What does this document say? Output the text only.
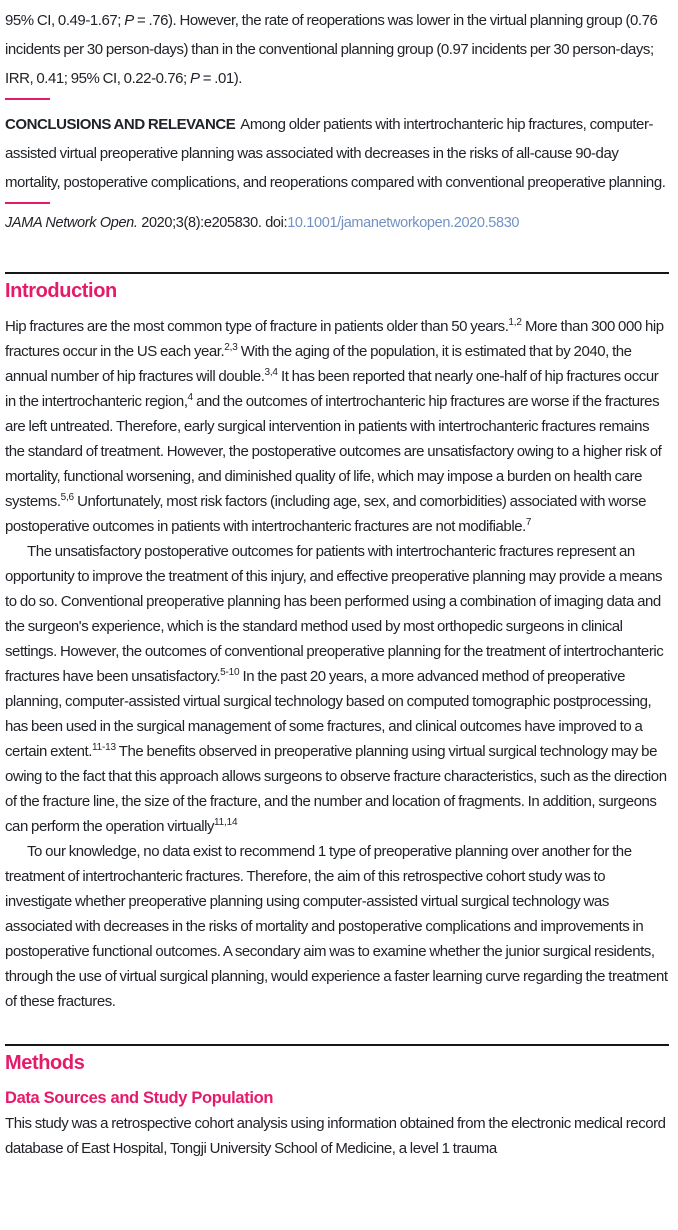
95% CI, 0.49-1.67; P = .76). However, the rate of reoperations was lower in the virtual planning group (0.76 incidents per 30 person-days) than in the conventional planning group (0.97 incidents per 30 person-days; IRR, 0.41; 95% CI, 0.22-0.76; P = .01).

CONCLUSIONS AND RELEVANCE Among older patients with intertrochanteric hip fractures, computer-assisted virtual preoperative planning was associated with decreases in the risks of all-cause 90-day mortality, postoperative complications, and reoperations compared with conventional preoperative planning.

JAMA Network Open. 2020;3(8):e205830. doi:10.1001/jamanetworkopen.2020.5830

Introduction

Hip fractures are the most common type of fracture in patients older than 50 years.$^{1,2}$ More than 300 000 hip fractures occur in the US each year.$^{2,3}$ With the aging of the population, it is estimated that by 2040, the annual number of hip fractures will double.$^{3,4}$ It has been reported that nearly one-half of hip fractures occur in the intertrochanteric region,$^4$ and the outcomes of intertrochanteric hip fractures are worse if the fractures are left untreated. Therefore, early surgical intervention in patients with intertrochanteric fractures remains the standard of treatment. However, the postoperative outcomes are unsatisfactory owing to a higher risk of mortality, functional worsening, and diminished quality of life, which may impose a burden on health care systems.$^{5,6}$ Unfortunately, most risk factors (including age, sex, and comorbidities) associated with worse postoperative outcomes in patients with intertrochanteric fractures are not modifiable.$^7$

The unsatisfactory postoperative outcomes for patients with intertrochanteric fractures represent an opportunity to improve the treatment of this injury, and effective preoperative planning may provide a means to do so. Conventional preoperative planning has been performed using a combination of imaging data and the surgeon's experience, which is the standard method used by most orthopedic surgeons in clinical settings. However, the outcomes of conventional preoperative planning for the treatment of intertrochanteric fractures have been unsatisfactory.$^{5-10}$ In the past 20 years, a more advanced method of preoperative planning, computer-assisted virtual surgical technology based on computed tomographic postprocessing, has been used in the surgical management of some fractures, and clinical outcomes have improved to a certain extent.$^{11-13}$ The benefits observed in preoperative planning using virtual surgical technology may be owing to the fact that this approach allows surgeons to observe fracture characteristics, such as the direction of the fracture line, the size of the fracture, and the number and location of fragments. In addition, surgeons can perform the operation virtually$^{11,14}$

To our knowledge, no data exist to recommend 1 type of preoperative planning over another for the treatment of intertrochanteric fractures. Therefore, the aim of this retrospective cohort study was to investigate whether preoperative planning using computer-assisted virtual surgical technology was associated with decreases in the risks of mortality and postoperative complications and improvements in postoperative functional outcomes. A secondary aim was to examine whether the junior surgical residents, through the use of virtual surgical planning, would experience a faster learning curve regarding the treatment of these fractures.

Methods
Data Sources and Study Population

This study was a retrospective cohort analysis using information obtained from the electronic medical record database of East Hospital, Tongji University School of Medicine, a level 1 trauma
